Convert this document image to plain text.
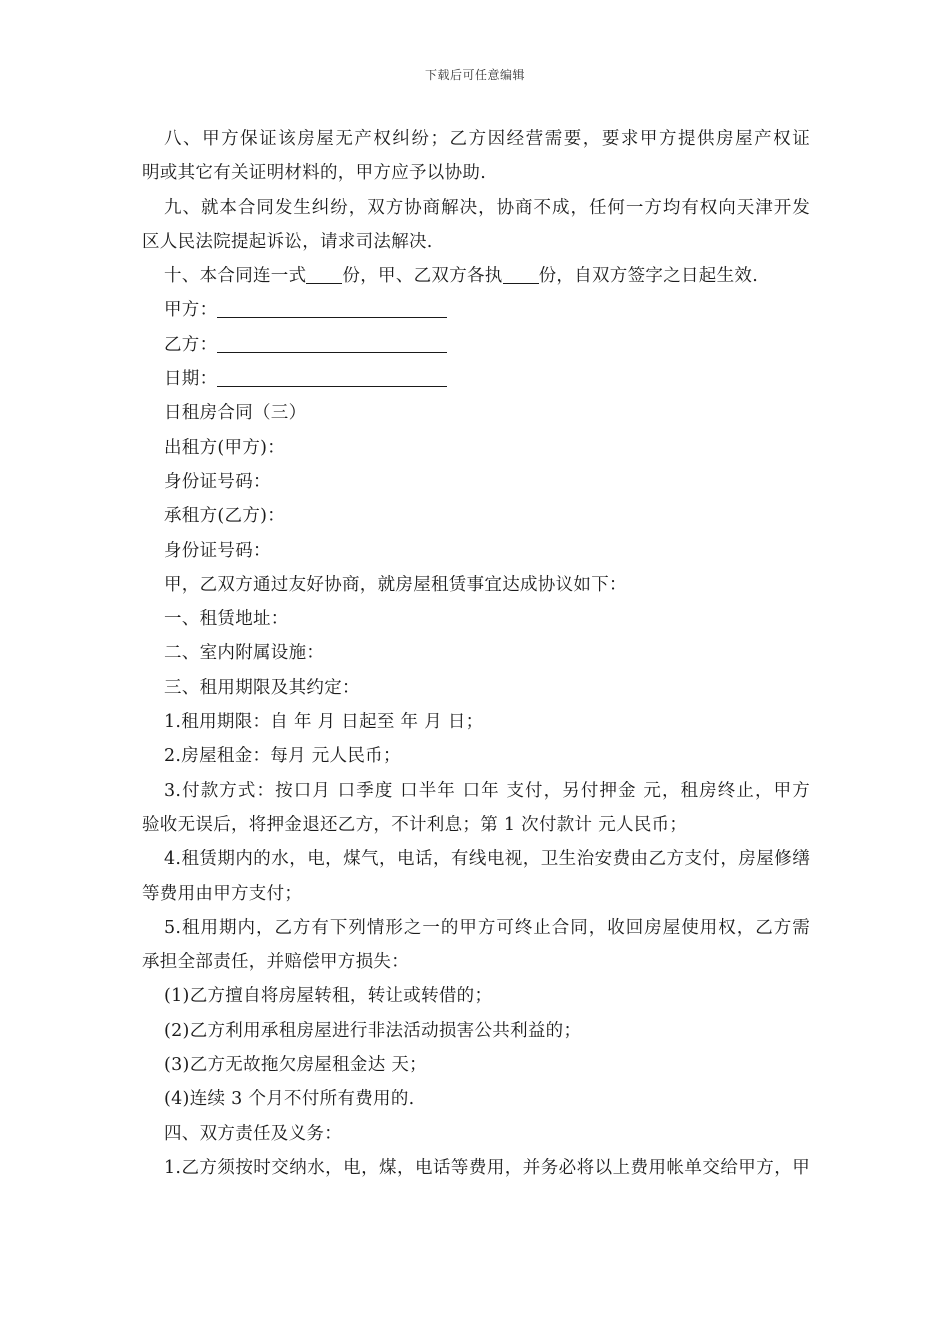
下载后可任意编辑
八、甲方保证该房屋无产权纠纷；乙方因经营需要，要求甲方提供房屋产权证
明或其它有关证明材料的，甲方应予以协助.
九、就本合同发生纠纷，双方协商解决，协商不成，任何一方均有权向天津开发
区人民法院提起诉讼，请求司法解决.
十、本合同连一式 份，甲、乙双方各执 份，自双方签字之日起生效.
甲方：
乙方：
日期：
日租房合同（三）
出租方(甲方)：
身份证号码：
承租方(乙方)：
身份证号码：
甲，乙双方通过友好协商，就房屋租赁事宜达成协议如下：
一、租赁地址：
二、室内附属设施：
三、租用期限及其约定：
1.租用期限：自 年 月 日起至 年 月 日；
2.房屋租金：每月 元人民币；
3.付款方式：按口月 口季度 口半年 口年 支付，另付押金 元，租房终止，甲方
验收无误后，将押金退还乙方，不计利息；第 1 次付款计 元人民币；
4.租赁期内的水，电，煤气，电话，有线电视，卫生治安费由乙方支付，房屋修缮
等费用由甲方支付；
5.租用期内，乙方有下列情形之一的甲方可终止合同，收回房屋使用权，乙方需
承担全部责任，并赔偿甲方损失：
(1)乙方擅自将房屋转租，转让或转借的；
(2)乙方利用承租房屋进行非法活动损害公共利益的；
(3)乙方无故拖欠房屋租金达 天；
(4)连续 3 个月不付所有费用的.
四、双方责任及义务：
1.乙方须按时交纳水，电，煤，电话等费用，并务必将以上费用帐单交给甲方，甲
